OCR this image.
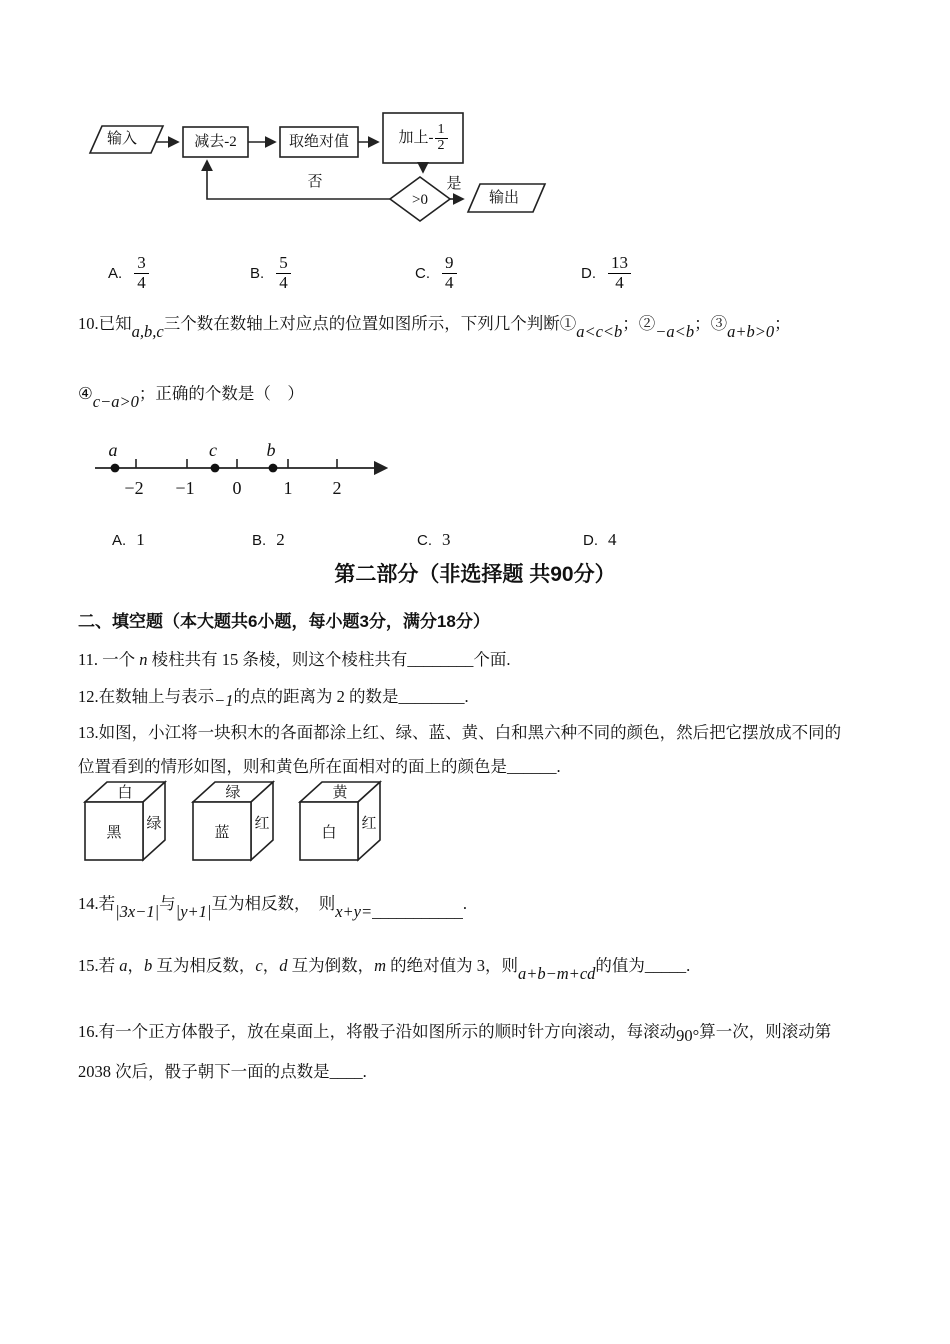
输入	减去-2	取绝对值	加上- $\frac{1}{2}$
>0
否	是
输出
A. $\frac{3}{4}$	B. $\frac{5}{4}$	C. $\frac{9}{4}$	D. $\frac{13}{4}$
10.已知a,b,c三个数在数轴上对应点的位置如图所示，下列几个判断①a<c<b；②−a<b；③a+b>0；
④c−a>0；正确的个数是（　）
a	c	b
−2 −1 0 1 2
A. 1	B. 2	C. 3	D. 4
第二部分（非选择题 共90分）
二、填空题（本大题共6小题，每小题3分，满分18分）
11. 一个 n 棱柱共有 15 条棱，则这个棱柱共有________个面.
12.在数轴上与表示−1的点的距离为 2 的数是________.
13.如图，小江将一块积木的各面都涂上红、绿、蓝、黄、白和黑六种不同的颜色，然后把它摆放成不同的
位置看到的情形如图，则和黄色所在面相对的面上的颜色是______.
白
黑
绿
绿
蓝
红
黄
白
红
14.若|3x−1|与|y+1|互为相反数，　则x+y=___________.
15.若 a，b 互为相反数，c，d 互为倒数，m 的绝对值为 3，则a+b−m+cd的值为_____.
16.有一个正方体骰子，放在桌面上，将骰子沿如图所示的顺时针方向滚动，每滚动90°算一次，则滚动第
2038 次后，骰子朝下一面的点数是____.
